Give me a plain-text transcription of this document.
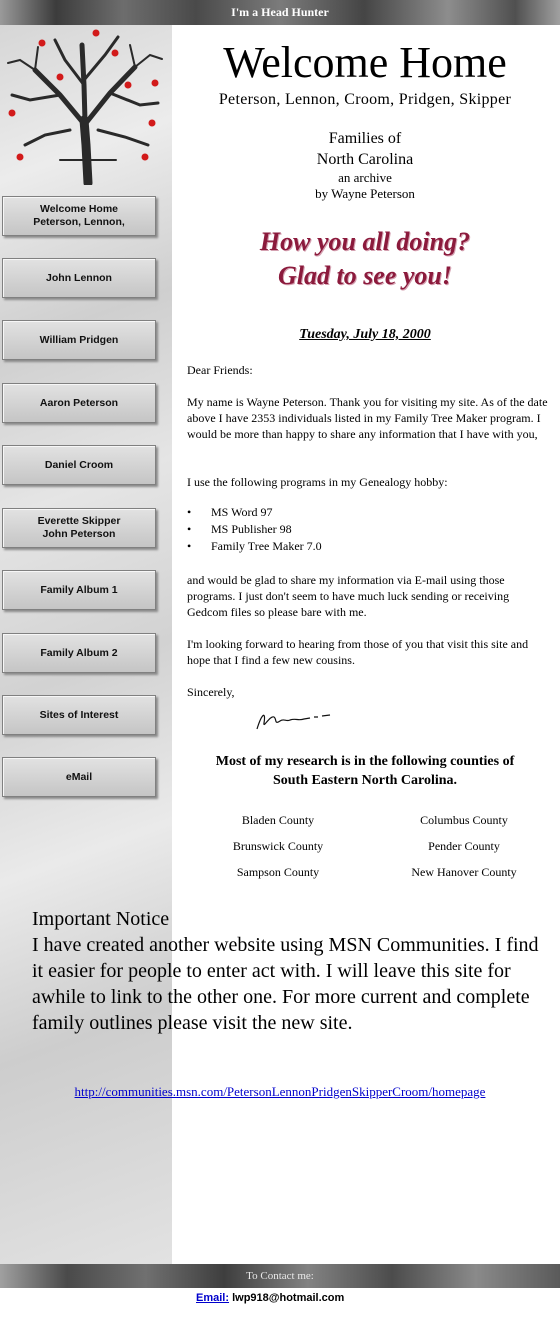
I'm a Head Hunter
Welcome Home
Peterson, Lennon,
John Lennon
William Pridgen
Aaron Peterson
Daniel Croom
Everette Skipper
John Peterson
Family Album 1
Family Album 2
Sites of Interest
eMail
Welcome Home
Peterson, Lennon, Croom, Pridgen, Skipper
Families of
North Carolina
an archive
by Wayne Peterson
How you all doing?
Glad to see you!
Tuesday, July 18, 2000

Dear Friends:

My name is Wayne Peterson. Thank you for visiting my site. As of the date above I have 2353 individuals listed in my Family Tree Maker program. I would be more than happy to share any information that I have with you,

I use the following programs in my Genealogy hobby:

•	MS Word 97
•	MS Publisher 98
•	Family Tree Maker 7.0

and would be glad to share my information via E-mail using those programs. I just don't seem to have much luck sending or receiving Gedcom files so please bare with me.

I'm looking forward to hearing from those of you that visit this site and hope that I find a few new cousins.

Sincerely,

Most of my research is in the following counties of
South Eastern North Carolina.
Bladen County	Columbus County
Brunswick County	Pender County
Sampson County	New Hanover County
Important Notice
I have created another website using MSN Communities. I find it easier for people to enter act with. I will leave this site for awhile to link to the other one. For more current and complete family outlines please visit the new site.
http://communities.msn.com/PetersonLennonPridgenSkipperCroom/homepage
To Contact me:
Email: lwp918@hotmail.com
